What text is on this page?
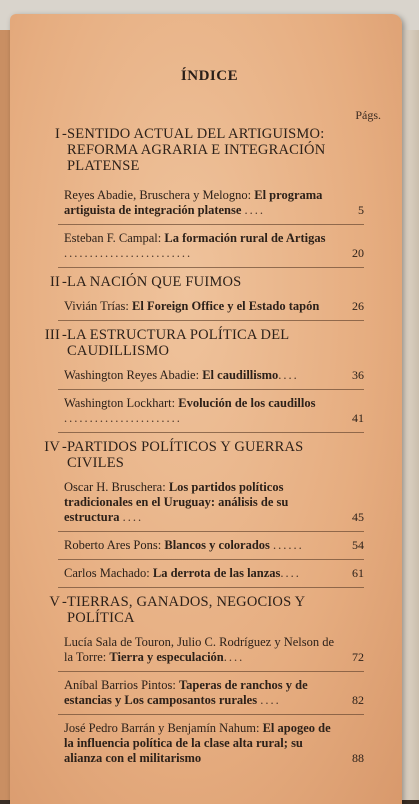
ÍNDICE
Págs.
I - SENTIDO ACTUAL DEL ARTIGUISMO: REFORMA AGRARIA E INTEGRACIÓN PLATENSE
Reyes Abadie, Bruschera y Melogno: El programa artiguista de integración platense ....	5
Esteban F. Campal: La formación rural de Artigas .........................	20
II - LA NACIÓN QUE FUIMOS
Vivián Trías: El Foreign Office y el Estado tapón	26
III - LA ESTRUCTURA POLÍTICA DEL CAUDILLISMO
Washington Reyes Abadie: El caudillismo....	36
Washington Lockhart: Evolución de los caudillos .......................	41
IV - PARTIDOS POLÍTICOS Y GUERRAS CIVILES
Oscar H. Bruschera: Los partidos políticos tradicionales en el Uruguay: análisis de su estructura ....	45
Roberto Ares Pons: Blancos y colorados ......	54
Carlos Machado: La derrota de las lanzas....	61
V - TIERRAS, GANADOS, NEGOCIOS Y POLÍTICA
Lucía Sala de Touron, Julio C. Rodríguez y Nelson de la Torre: Tierra y especulación....	72
Aníbal Barrios Pintos: Taperas de ranchos y de estancias y Los camposantos rurales ....	82
José Pedro Barrán y Benjamín Nahum: El apogeo de la influencia política de la clase alta rural; su alianza con el militarismo	88
